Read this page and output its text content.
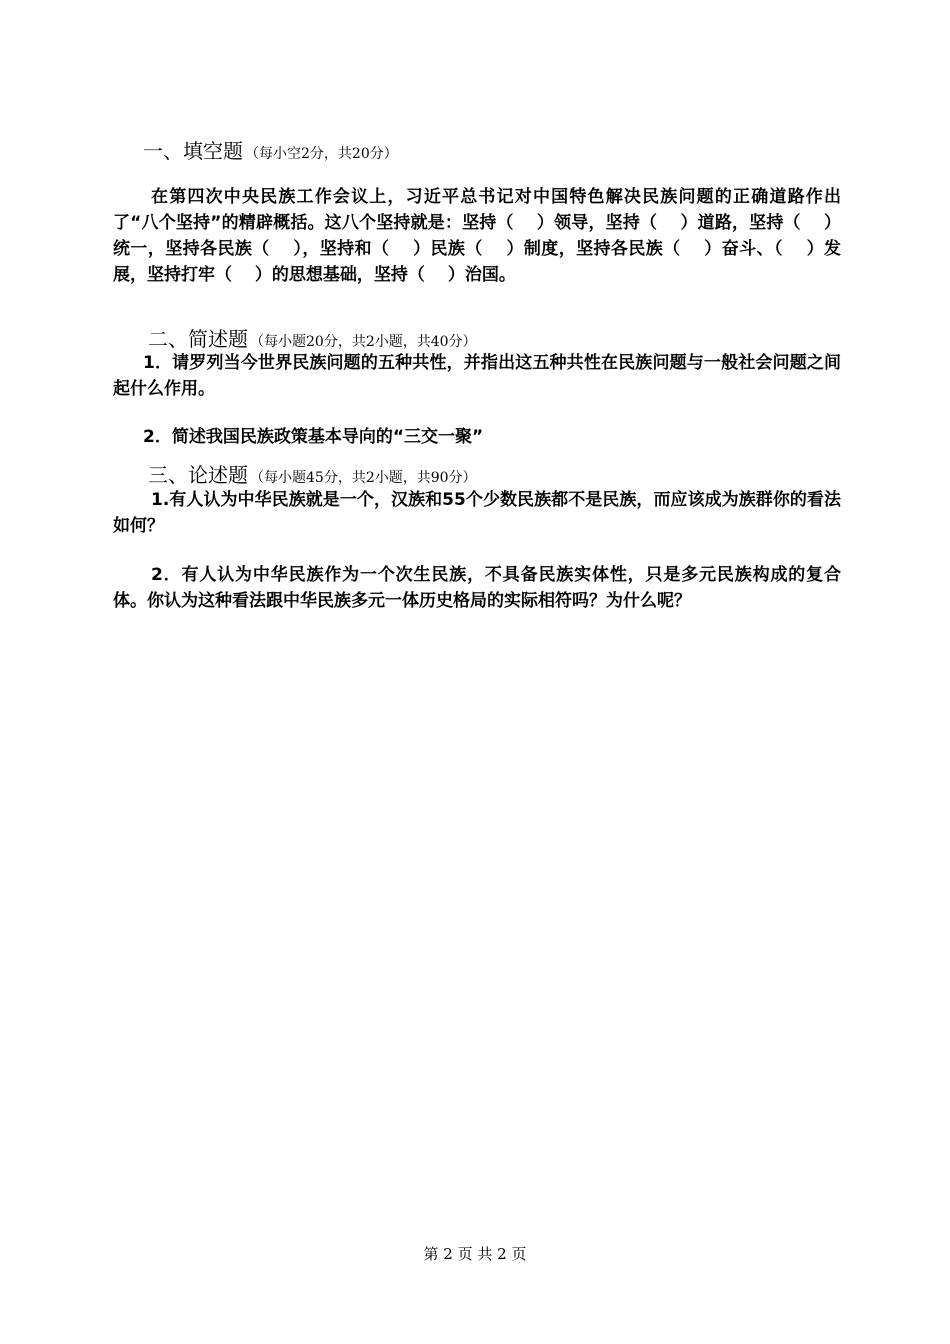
一、填空题 （每小空2分，共20分）
在第四次中央民族工作会议上，习近平总书记对中国特色解决民族问题的正确道路作出了“八个坚持”的精辟概括。这八个坚持就是：坚持（　 ）领导，坚持（　 ）道路，坚持（　 ）统一，坚持各民族（　 ），坚持和（　 ）民族（　 ）制度，坚持各民族（　 ）奋斗、（　 ）发展，坚持打牢（　 ）的思想基础，坚持（　 ）治国。
二、简述题 （每小题20分，共2小题，共40分）
1．请罗列当今世界民族问题的五种共性，并指出这五种共性在民族问题与一般社会问题之间起什么作用。
2．简述我国民族政策基本导向的“三交一聚”
三、论述题 （每小题45分，共2小题，共90分）
1.有人认为中华民族就是一个，汉族和55个少数民族都不是民族，而应该成为族群你的看法如何？
2．有人认为中华民族作为一个次生民族，不具备民族实体性，只是多元民族构成的复合体。你认为这种看法跟中华民族多元一体历史格局的实际相符吗？为什么呢？
第 2 页 共 2 页
